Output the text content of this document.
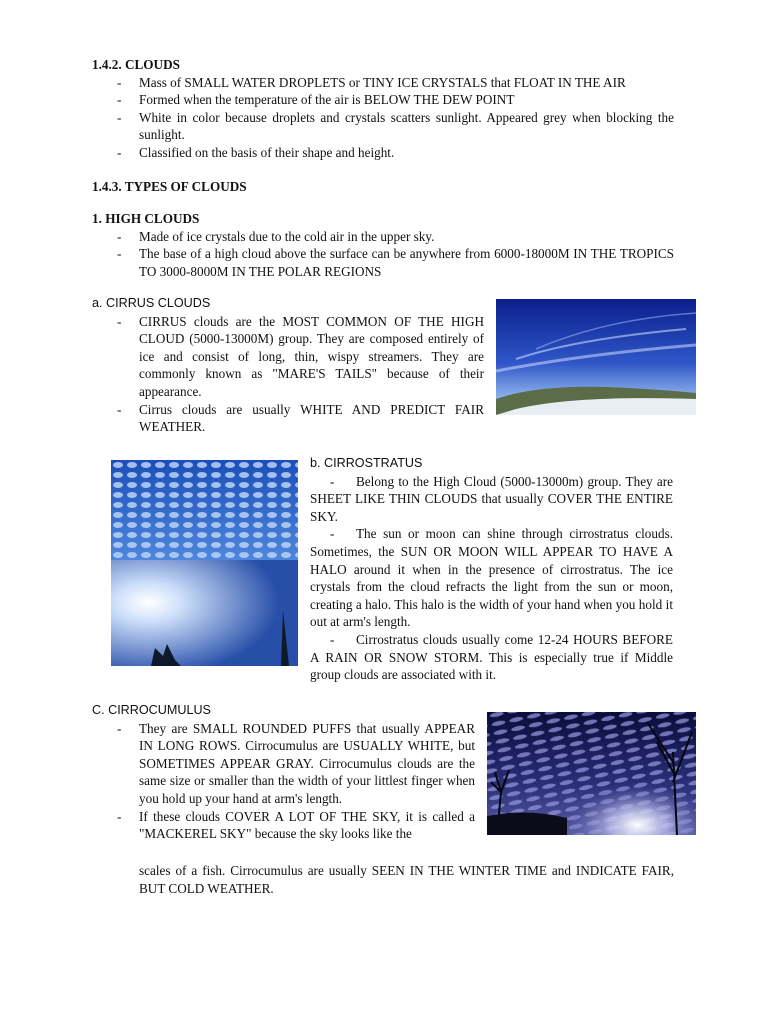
1.4.2. CLOUDS
- Mass of SMALL WATER DROPLETS or TINY ICE CRYSTALS that FLOAT IN THE AIR
- Formed when the temperature of the air is BELOW THE DEW POINT
- White in color because droplets and crystals scatters sunlight. Appeared grey when blocking the sunlight.
- Classified on the basis of their shape and height.
1.4.3. TYPES OF CLOUDS
1. HIGH CLOUDS
- Made of ice crystals due to the cold air in the upper sky.
- The base of a high cloud above the surface can be anywhere from 6000-18000M IN THE TROPICS TO 3000-8000M IN THE POLAR REGIONS
a. CIRRUS CLOUDS
- CIRRUS clouds are the MOST COMMON OF THE HIGH CLOUD (5000-13000M) group. They are composed entirely of ice and consist of long, thin, wispy streamers. They are commonly known as "MARE'S TAILS" because of their appearance.
- Cirrus clouds are usually WHITE AND PREDICT FAIR WEATHER.
b. CIRROSTRATUS
- Belong to the High Cloud (5000-13000m) group. They are SHEET LIKE THIN CLOUDS that usually COVER THE ENTIRE SKY.
- The sun or moon can shine through cirrostratus clouds. Sometimes, the SUN OR MOON WILL APPEAR TO HAVE A HALO around it when in the presence of cirrostratus. The ice crystals from the cloud refracts the light from the sun or moon, creating a halo. This halo is the width of your hand when you hold it out at arm's length.
- Cirrostratus clouds usually come 12-24 HOURS BEFORE A RAIN OR SNOW STORM. This is especially true if Middle group clouds are associated with it.
C. CIRROCUMULUS
- They are SMALL ROUNDED PUFFS that usually APPEAR IN LONG ROWS. Cirrocumulus are USUALLY WHITE, but SOMETIMES APPEAR GRAY. Cirrocumulus clouds are the same size or smaller than the width of your littlest finger when you hold up your hand at arm's length.
- If these clouds COVER A LOT OF THE SKY, it is called a "MACKEREL SKY" because the sky looks like the
scales of a fish. Cirrocumulus are usually SEEN IN THE WINTER TIME and INDICATE FAIR, BUT COLD WEATHER.
